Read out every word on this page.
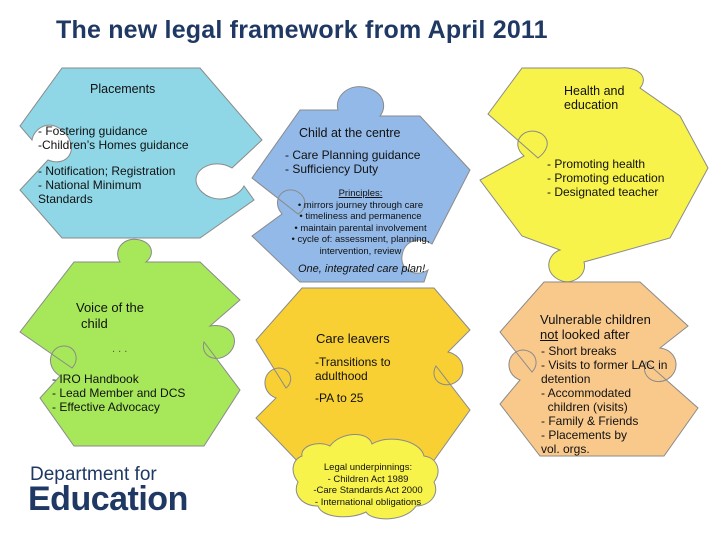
The new legal framework from April 2011
Placements
- Fostering guidance
-Children’s Homes guidance
- Notification; Registration
- National Minimum
Standards
Child at the centre
- Care Planning guidance
- Sufficiency Duty
Principles:
• mirrors journey through care
• timeliness and permanence
• maintain parental involvement
• cycle of: assessment, planning,
intervention, review
One, integrated care plan!
Health and
education
- Promoting health
- Promoting education
- Designated teacher
Voice of the
child
. . .
- IRO Handbook
- Lead Member and DCS
- Effective Advocacy
Care leavers
-Transitions to
adulthood
-PA to 25
Vulnerable children
not looked after
- Short breaks
- Visits to former LAC in
detention
- Accommodated
children (visits)
- Family & Friends
- Placements by
vol. orgs.
Legal underpinnings:
- Children Act 1989
-Care Standards Act 2000
- International obligations
Department for
Education
